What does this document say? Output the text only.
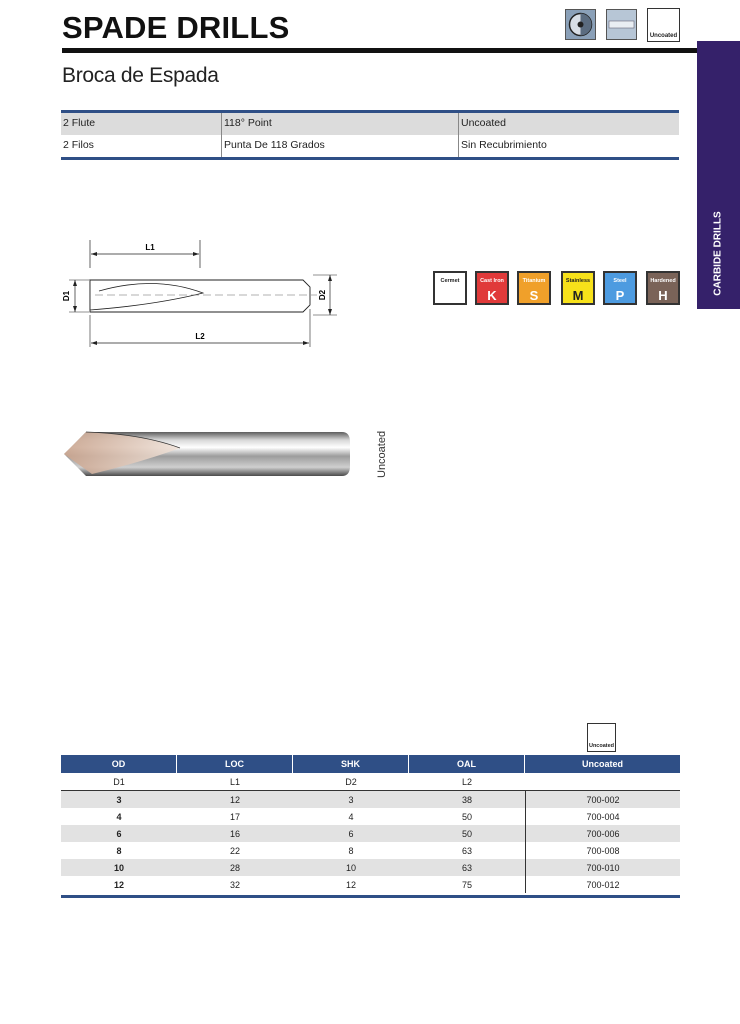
SPADE DRILLS
Broca de Espada
Uncoated
CARBIDE DRILLS
2 Flute	118° Point	Uncoated
2 Filos	Punta De 118 Grados	Sin Recubrimiento
L1
D1	D2
L2
Cermet	Cast Iron
K
Titanium
S
Stainless
M
Steel
P
Hardened
H
Uncoated
Uncoated
OD	LOC	SHK	OAL	Uncoated
D1	L1	D2	L2
3	12	3	38	700-002
4	17	4	50	700-004
6	16	6	50	700-006
8	22	8	63	700-008
10	28	10	63	700-010
12	32	12	75	700-012
